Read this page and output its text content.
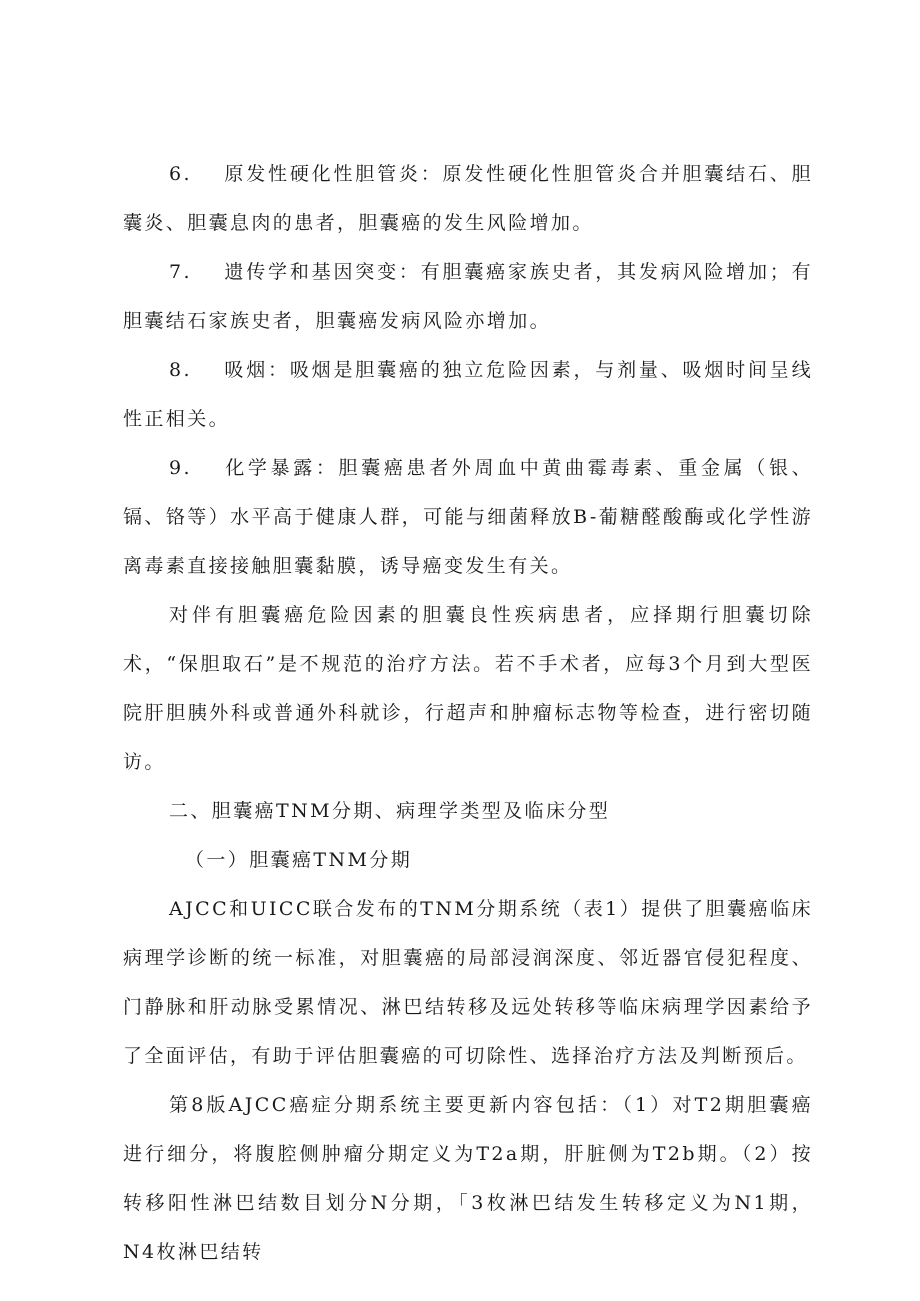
6. 原发性硬化性胆管炎：原发性硬化性胆管炎合并胆囊结石、胆囊炎、胆囊息肉的患者，胆囊癌的发生风险增加。

7. 遗传学和基因突变：有胆囊癌家族史者，其发病风险增加；有胆囊结石家族史者，胆囊癌发病风险亦增加。

8. 吸烟：吸烟是胆囊癌的独立危险因素，与剂量、吸烟时间呈线性正相关。

9. 化学暴露：胆囊癌患者外周血中黄曲霉毒素、重金属（银、镉、铬等）水平高于健康人群，可能与细菌释放B-葡糖醛酸酶或化学性游离毒素直接接触胆囊黏膜，诱导癌变发生有关。

对伴有胆囊癌危险因素的胆囊良性疾病患者，应择期行胆囊切除术，“保胆取石”是不规范的治疗方法。若不手术者，应每3个月到大型医院肝胆胰外科或普通外科就诊，行超声和肿瘤标志物等检查，进行密切随访。

二、胆囊癌TNM分期、病理学类型及临床分型

（一）胆囊癌TNM分期

AJCC和UICC联合发布的TNM分期系统（表1）提供了胆囊癌临床病理学诊断的统一标准，对胆囊癌的局部浸润深度、邻近器官侵犯程度、门静脉和肝动脉受累情况、淋巴结转移及远处转移等临床病理学因素给予了全面评估，有助于评估胆囊癌的可切除性、选择治疗方法及判断预后。

第8版AJCC癌症分期系统主要更新内容包括：（1）对T2期胆囊癌进行细分，将腹腔侧肿瘤分期定义为T2a期，肝脏侧为T2b期。（2）按转移阳性淋巴结数目划分N分期，「3枚淋巴结发生转移定义为N1期，N4枚淋巴结转
